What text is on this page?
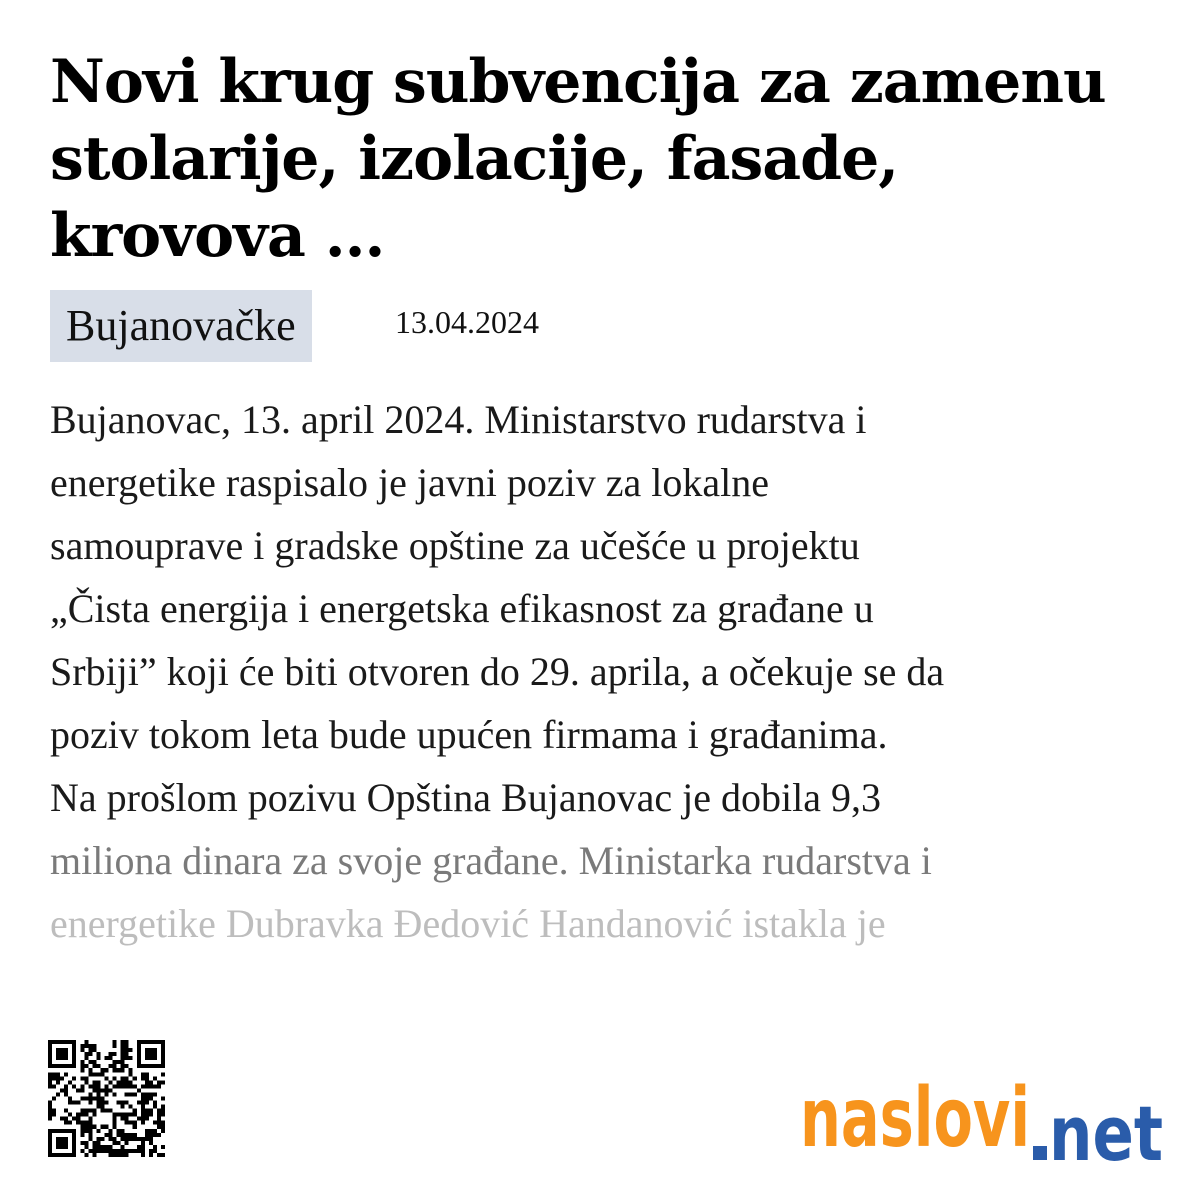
Novi krug subvencija za zamenu stolarije, izolacije, fasade, krovova ...
Bujanovačke	13.04.2024
Bujanovac, 13. april 2024. Ministarstvo rudarstva i
energetike raspisalo je javni poziv za lokalne
samouprave i gradske opštine za učešće u projektu
„Čista energija i energetska efikasnost za građane u
Srbiji” koji će biti otvoren do 29. aprila, a očekuje se da
poziv tokom leta bude upućen firmama i građanima.
Na prošlom pozivu Opština Bujanovac je dobila 9,3
miliona dinara za svoje građane. Ministarka rudarstva i
energetike Dubravka Đedović Handanović istakla je
naslovi net
